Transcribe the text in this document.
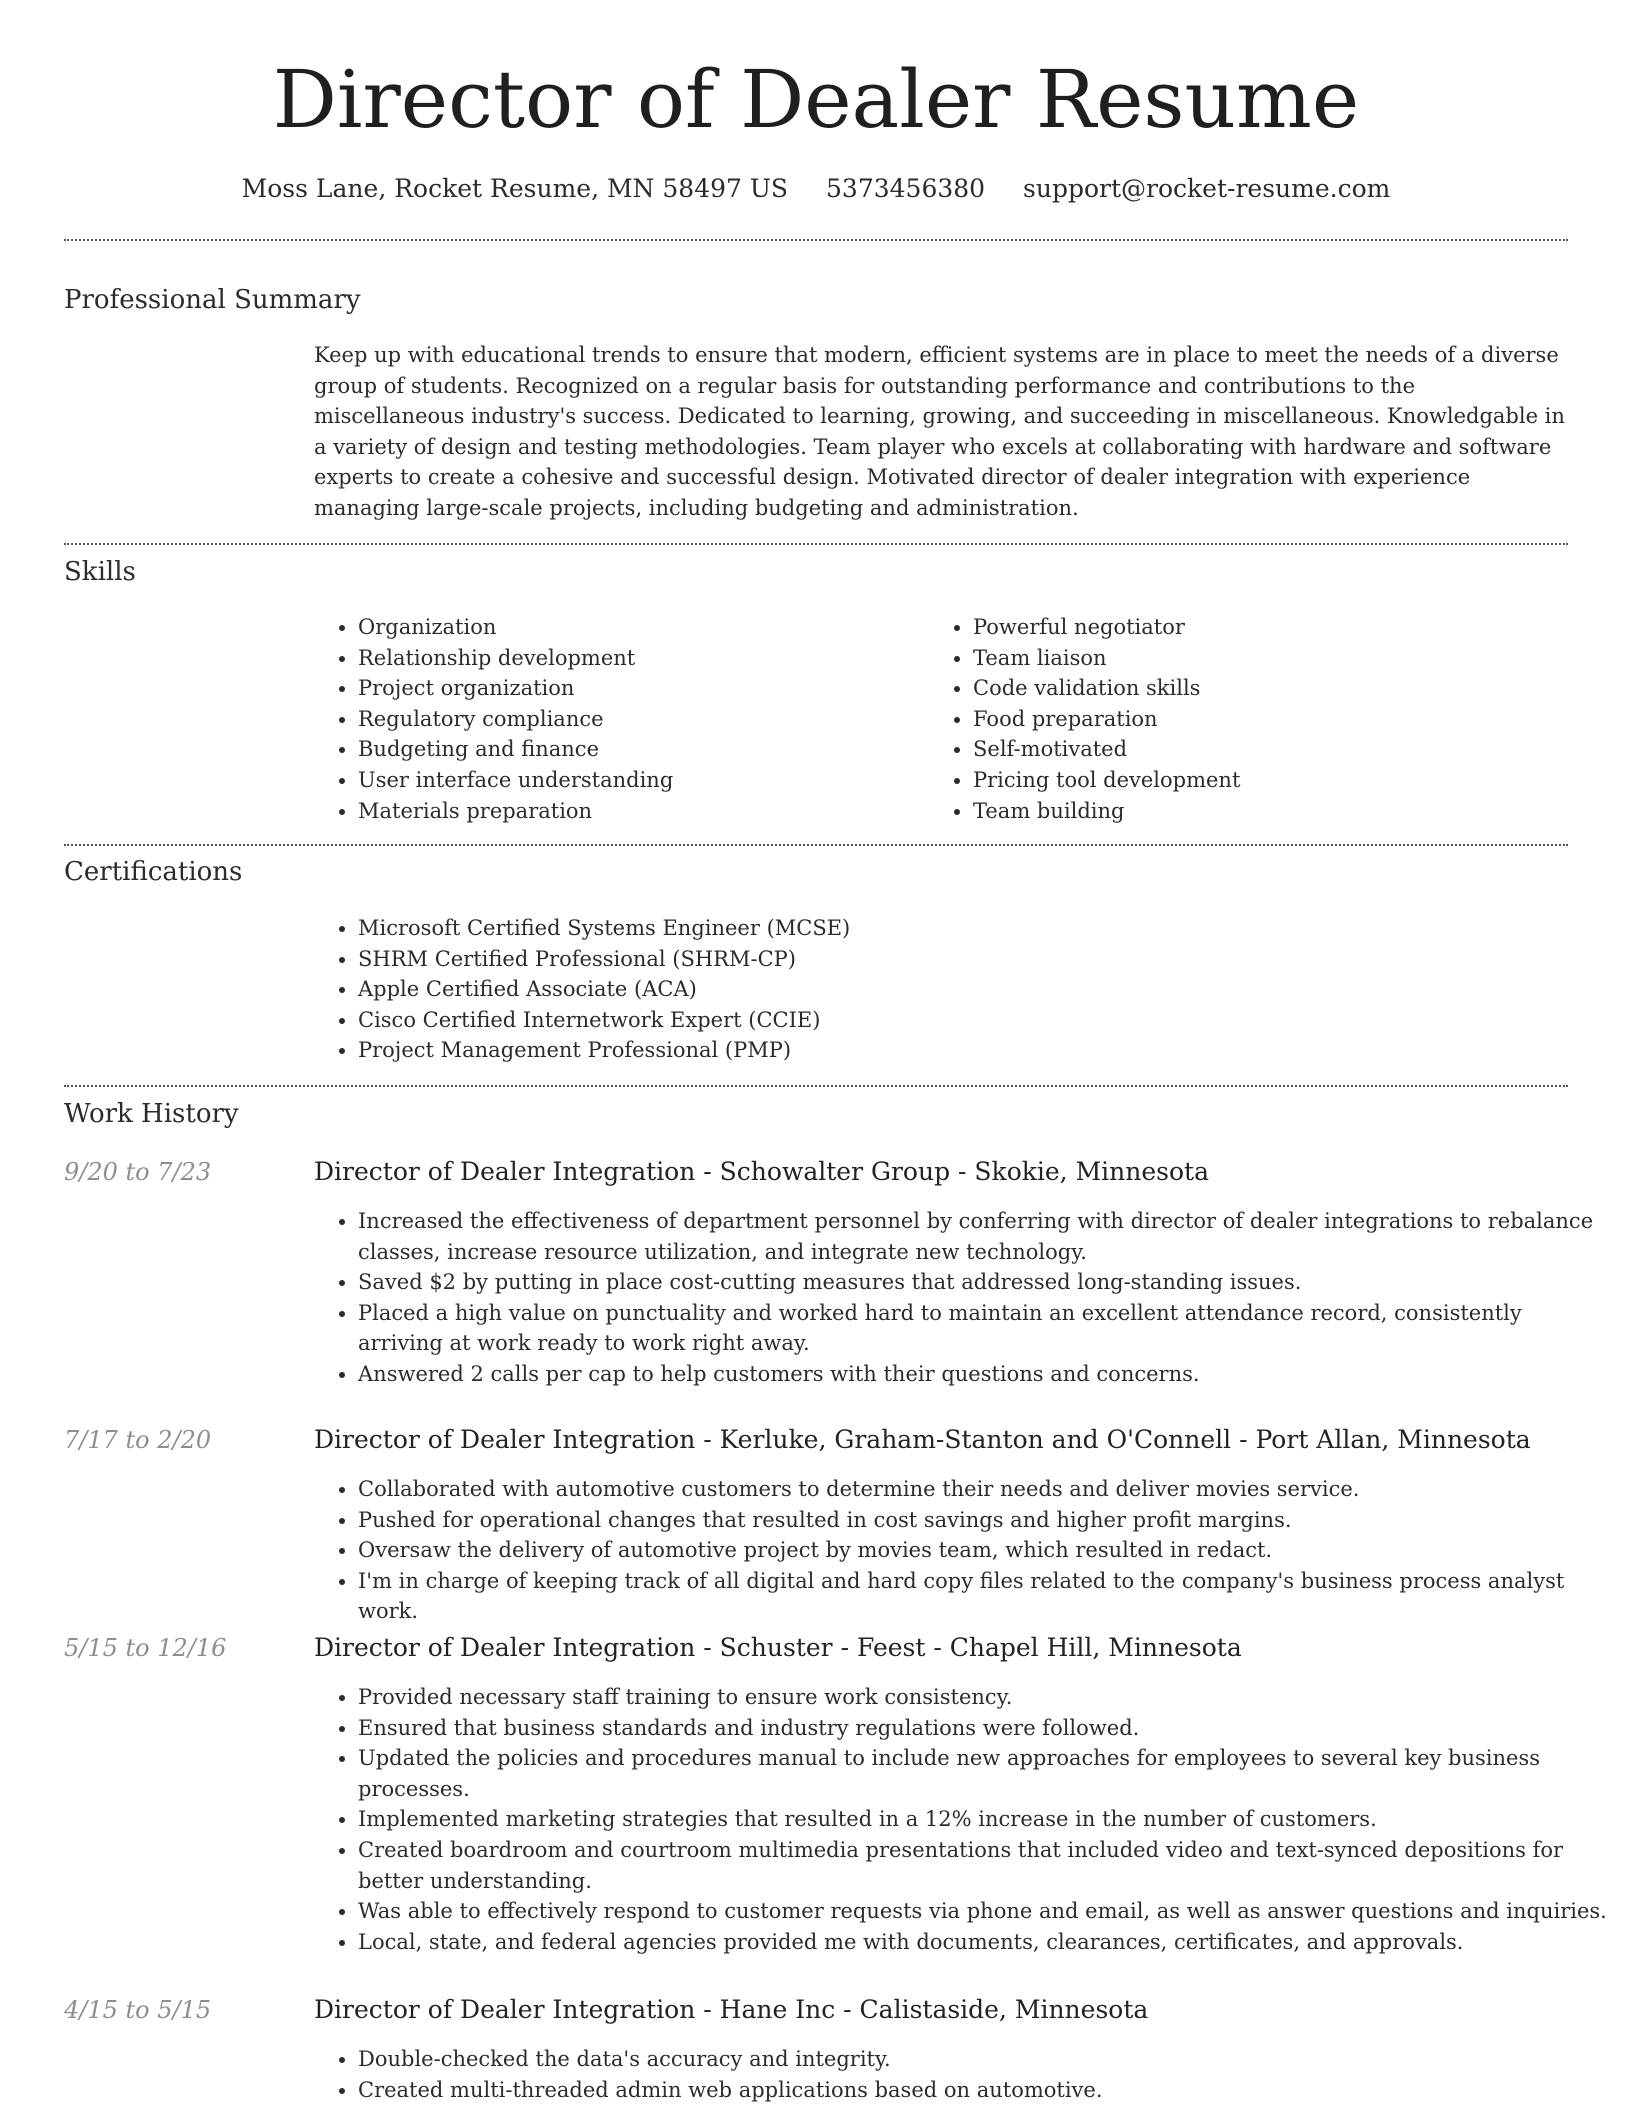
Director of Dealer Resume
Moss Lane, Rocket Resume, MN 58497 US 5373456380 support@rocket-resume.com
Professional Summary

Keep up with educational trends to ensure that modern, efficient systems are in place to meet the needs of a diverse group of students. Recognized on a regular basis for outstanding performance and contributions to the miscellaneous industry's success. Dedicated to learning, growing, and succeeding in miscellaneous. Knowledgable in a variety of design and testing methodologies. Team player who excels at collaborating with hardware and software experts to create a cohesive and successful design. Motivated director of dealer integration with experience managing large-scale projects, including budgeting and administration.

Skills
• Organization
• Relationship development
• Project organization
• Regulatory compliance
• Budgeting and finance
• User interface understanding
• Materials preparation
• Powerful negotiator
• Team liaison
• Code validation skills
• Food preparation
• Self-motivated
• Pricing tool development
• Team building
Certifications
• Microsoft Certified Systems Engineer (MCSE)
• SHRM Certified Professional (SHRM-CP)
• Apple Certified Associate (ACA)
• Cisco Certified Internetwork Expert (CCIE)
• Project Management Professional (PMP)
Work History
9/20 to 7/23	Director of Dealer Integration - Schowalter Group - Skokie, Minnesota
• Increased the effectiveness of department personnel by conferring with director of dealer integrations to rebalance classes, increase resource utilization, and integrate new technology.
• Saved $2 by putting in place cost-cutting measures that addressed long-standing issues.
• Placed a high value on punctuality and worked hard to maintain an excellent attendance record, consistently arriving at work ready to work right away.
• Answered 2 calls per cap to help customers with their questions and concerns.
7/17 to 2/20	Director of Dealer Integration - Kerluke, Graham-Stanton and O'Connell - Port Allan, Minnesota
• Collaborated with automotive customers to determine their needs and deliver movies service.
• Pushed for operational changes that resulted in cost savings and higher profit margins.
• Oversaw the delivery of automotive project by movies team, which resulted in redact.
• I'm in charge of keeping track of all digital and hard copy files related to the company's business process analyst work.
5/15 to 12/16	Director of Dealer Integration - Schuster - Feest - Chapel Hill, Minnesota
• Provided necessary staff training to ensure work consistency.
• Ensured that business standards and industry regulations were followed.
• Updated the policies and procedures manual to include new approaches for employees to several key business processes.
• Implemented marketing strategies that resulted in a 12% increase in the number of customers.
• Created boardroom and courtroom multimedia presentations that included video and text-synced depositions for better understanding.
• Was able to effectively respond to customer requests via phone and email, as well as answer questions and inquiries.
• Local, state, and federal agencies provided me with documents, clearances, certificates, and approvals.
4/15 to 5/15	Director of Dealer Integration - Hane Inc - Calistaside, Minnesota
• Double-checked the data's accuracy and integrity.
• Created multi-threaded admin web applications based on automotive.
